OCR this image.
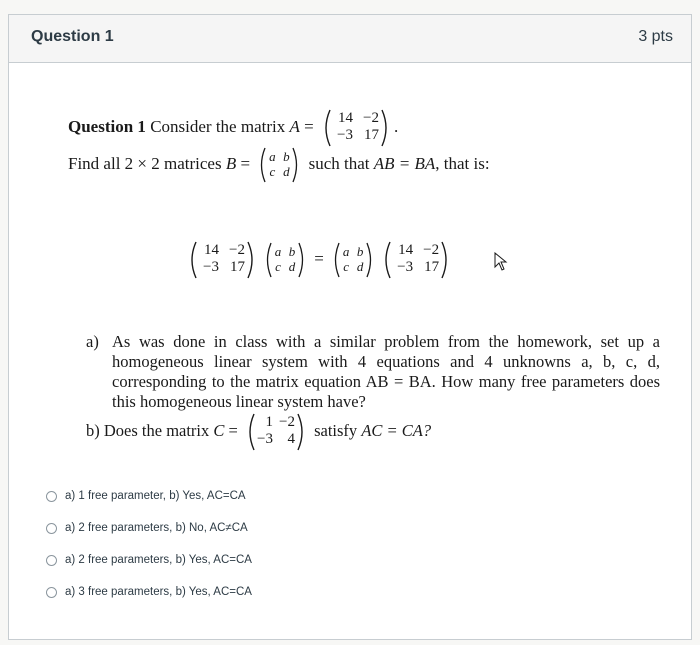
Question 1	3 pts
Question 1 Consider the matrix A = 14	−2
−3	17 .
Find all 2 × 2 matrices B = a	b
c	d such that AB = BA, that is:
14	−2
−3	17
a	b
c	d = a	b
c	d
14	−2
−3	17
a) As was done in class with a similar problem from the homework, set up a homogeneous linear system with 4 equations and 4 unknowns a, b, c, d, corresponding to the matrix equation AB = BA. How many free parameters does this homogeneous linear system have?
b) Does the matrix C = 1	−2
−3	4 satisfy AC = CA?
a) 1 free parameter, b) Yes, AC=CA
a) 2 free parameters, b) No, AC≠CA
a) 2 free parameters, b) Yes, AC=CA
a) 3 free parameters, b) Yes, AC=CA
